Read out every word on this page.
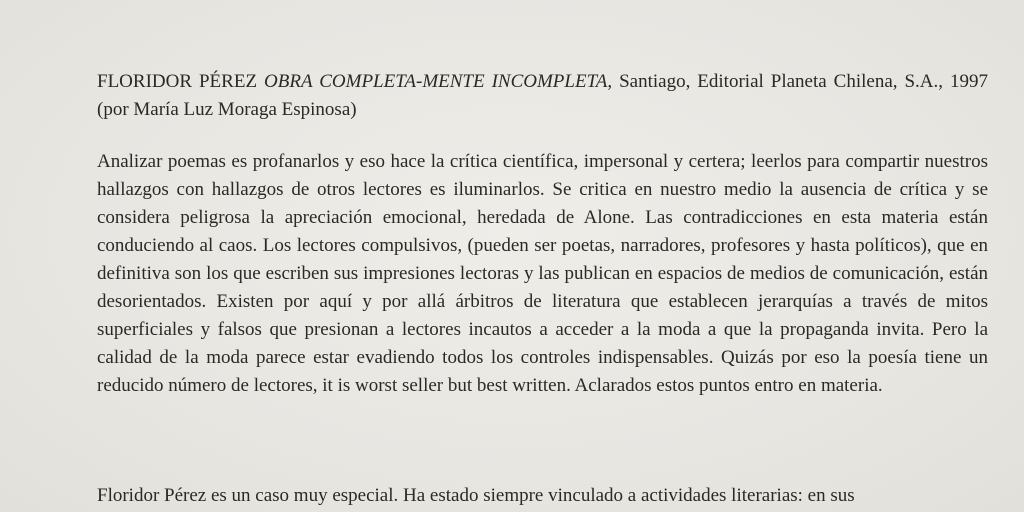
FLORIDOR PÉREZ OBRA COMPLETA-MENTE INCOMPLETA, Santiago, Editorial Planeta Chilena, S.A., 1997 (por María Luz Moraga Espinosa)
Analizar poemas es profanarlos y eso hace la crítica científica, impersonal y certera; leerlos para compartir nuestros hallazgos con hallazgos de otros lectores es iluminarlos. Se critica en nuestro medio la ausencia de crítica y se considera peligrosa la apreciación emocional, heredada de Alone. Las contradicciones en esta materia están conduciendo al caos. Los lectores compulsivos, (pueden ser poetas, narradores, profesores y hasta políticos), que en definitiva son los que escriben sus impresiones lectoras y las publican en espacios de medios de comunicación, están desorientados. Existen por aquí y por allá árbitros de literatura que establecen jerarquías a través de mitos superficiales y falsos que presionan a lectores incautos a acceder a la moda a que la propaganda invita. Pero la calidad de la moda parece estar evadiendo todos los controles indispensables. Quizás por eso la poesía tiene un reducido número de lectores, it is worst seller but best written. Aclarados estos puntos entro en materia.
Floridor Pérez es un caso muy especial. Ha estado siempre vinculado a actividades literarias: en sus
